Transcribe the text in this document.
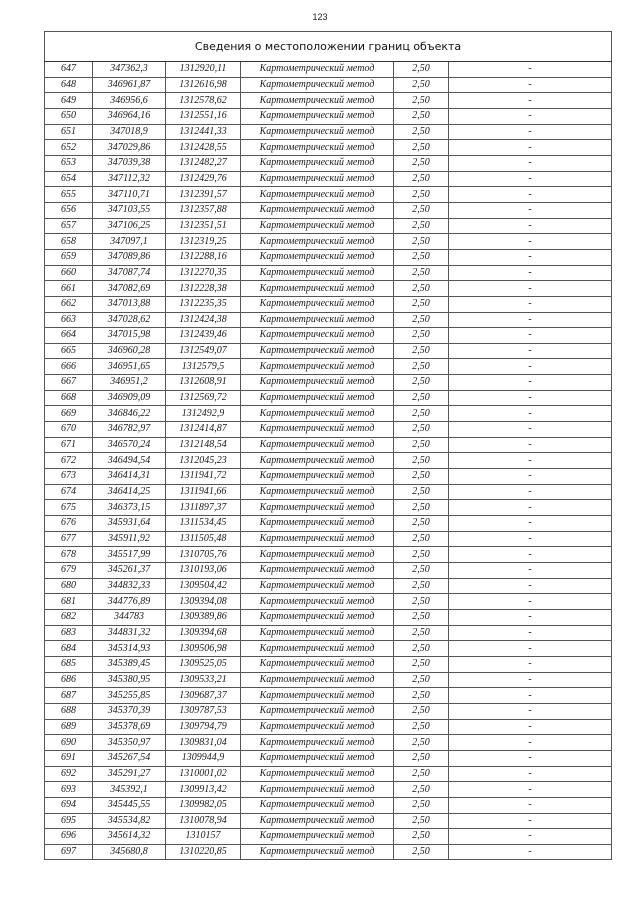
123
Сведения о местоположении границ объекта					
647	347362,3	1312920,11	Картометрический метод	2,50	-
648	346961,87	1312616,98	Картометрический метод	2,50	-
649	346956,6	1312578,62	Картометрический метод	2,50	-
650	346964,16	1312551,16	Картометрический метод	2,50	-
651	347018,9	1312441,33	Картометрический метод	2,50	-
652	347029,86	1312428,55	Картометрический метод	2,50	-
653	347039,38	1312482,27	Картометрический метод	2,50	-
654	347112,32	1312429,76	Картометрический метод	2,50	-
655	347110,71	1312391,57	Картометрический метод	2,50	-
656	347103,55	1312357,88	Картометрический метод	2,50	-
657	347106,25	1312351,51	Картометрический метод	2,50	-
658	347097,1	1312319,25	Картометрический метод	2,50	-
659	347089,86	1312288,16	Картометрический метод	2,50	-
660	347087,74	1312270,35	Картометрический метод	2,50	-
661	347082,69	1312228,38	Картометрический метод	2,50	-
662	347013,88	1312235,35	Картометрический метод	2,50	-
663	347028,62	1312424,38	Картометрический метод	2,50	-
664	347015,98	1312439,46	Картометрический метод	2,50	-
665	346960,28	1312549,07	Картометрический метод	2,50	-
666	346951,65	1312579,5	Картометрический метод	2,50	-
667	346951,2	1312608,91	Картометрический метод	2,50	-
668	346909,09	1312569,72	Картометрический метод	2,50	-
669	346846,22	1312492,9	Картометрический метод	2,50	-
670	346782,97	1312414,87	Картометрический метод	2,50	-
671	346570,24	1312148,54	Картометрический метод	2,50	-
672	346494,54	1312045,23	Картометрический метод	2,50	-
673	346414,31	1311941,72	Картометрический метод	2,50	-
674	346414,25	1311941,66	Картометрический метод	2,50	-
675	346373,15	1311897,37	Картометрический метод	2,50	-
676	345931,64	1311534,45	Картометрический метод	2,50	-
677	345911,92	1311505,48	Картометрический метод	2,50	-
678	345517,99	1310705,76	Картометрический метод	2,50	-
679	345261,37	1310193,06	Картометрический метод	2,50	-
680	344832,33	1309504,42	Картометрический метод	2,50	-
681	344776,89	1309394,08	Картометрический метод	2,50	-
682	344783	1309389,86	Картометрический метод	2,50	-
683	344831,32	1309394,68	Картометрический метод	2,50	-
684	345314,93	1309506,98	Картометрический метод	2,50	-
685	345389,45	1309525,05	Картометрический метод	2,50	-
686	345380,95	1309533,21	Картометрический метод	2,50	-
687	345255,85	1309687,37	Картометрический метод	2,50	-
688	345370,39	1309787,53	Картометрический метод	2,50	-
689	345378,69	1309794,79	Картометрический метод	2,50	-
690	345350,97	1309831,04	Картометрический метод	2,50	-
691	345267,54	1309944,9	Картометрический метод	2,50	-
692	345291,27	1310001,02	Картометрический метод	2,50	-
693	345392,1	1309913,42	Картометрический метод	2,50	-
694	345445,55	1309982,05	Картометрический метод	2,50	-
695	345534,82	1310078,94	Картометрический метод	2,50	-
696	345614,32	1310157	Картометрический метод	2,50	-
697	345680,8	1310220,85	Картометрический метод	2,50	-
